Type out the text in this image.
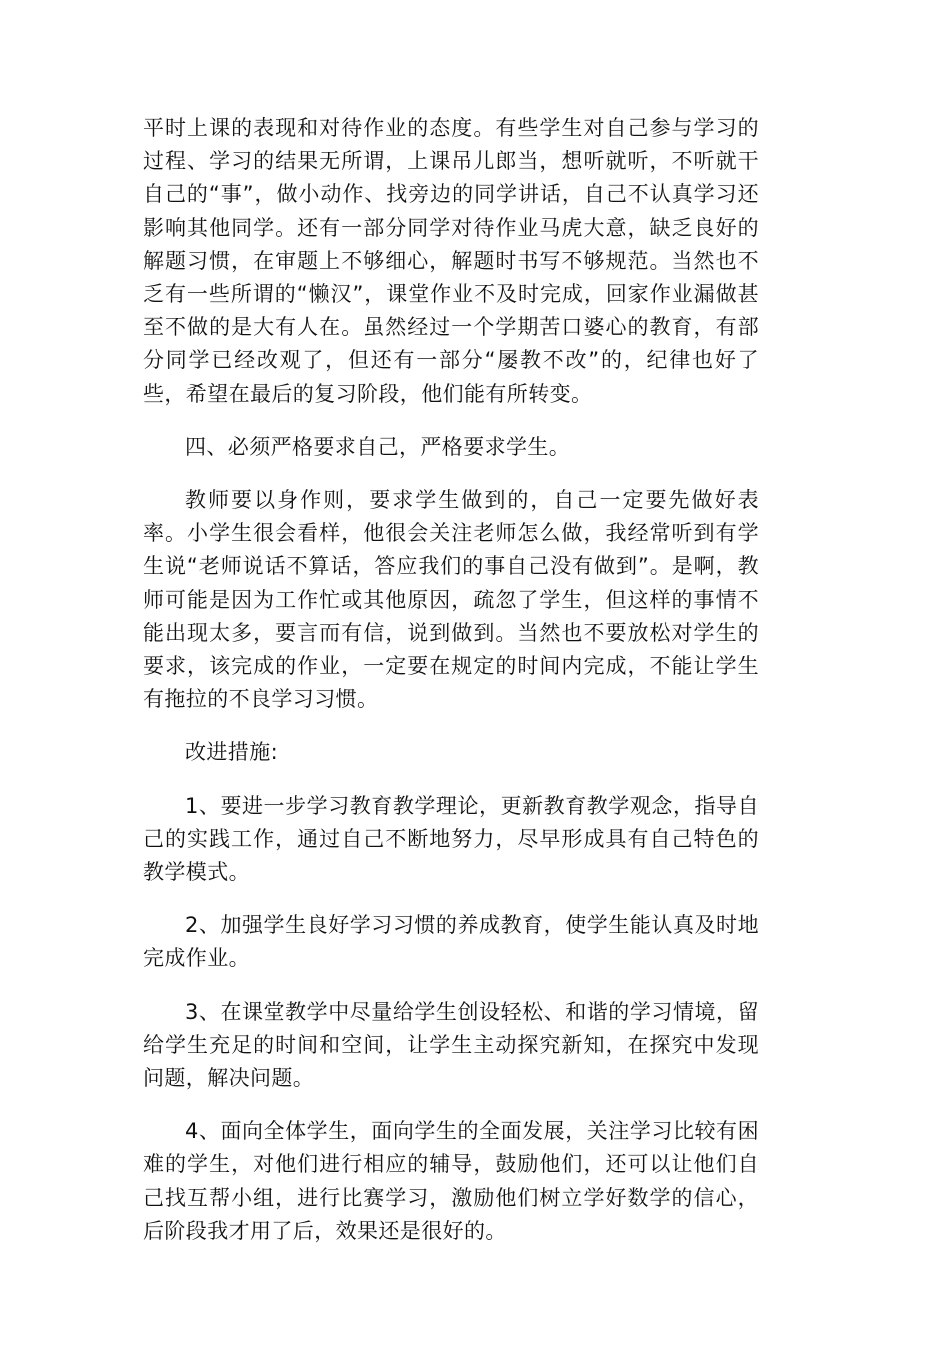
平时上课的表现和对待作业的态度。有些学生对自己参与学习的过程、学习的结果无所谓，上课吊儿郎当，想听就听，不听就干自己的“事”，做小动作、找旁边的同学讲话，自己不认真学习还影响其他同学。还有一部分同学对待作业马虎大意，缺乏良好的解题习惯，在审题上不够细心，解题时书写不够规范。当然也不乏有一些所谓的“懒汉”，课堂作业不及时完成，回家作业漏做甚至不做的是大有人在。虽然经过一个学期苦口婆心的教育，有部分同学已经改观了，但还有一部分“屡教不改”的，纪律也好了些，希望在最后的复习阶段，他们能有所转变。

四、必须严格要求自己，严格要求学生。

教师要以身作则，要求学生做到的，自己一定要先做好表率。小学生很会看样，他很会关注老师怎么做，我经常听到有学生说“老师说话不算话，答应我们的事自己没有做到”。是啊，教师可能是因为工作忙或其他原因，疏忽了学生，但这样的事情不能出现太多，要言而有信，说到做到。当然也不要放松对学生的要求，该完成的作业，一定要在规定的时间内完成，不能让学生有拖拉的不良学习习惯。

改进措施:

1、要进一步学习教育教学理论，更新教育教学观念，指导自己的实践工作，通过自己不断地努力，尽早形成具有自己特色的教学模式。

2、加强学生良好学习习惯的养成教育，使学生能认真及时地完成作业。

3、在课堂教学中尽量给学生创设轻松、和谐的学习情境，留给学生充足的时间和空间，让学生主动探究新知，在探究中发现问题，解决问题。

4、面向全体学生，面向学生的全面发展，关注学习比较有困难的学生，对他们进行相应的辅导，鼓励他们，还可以让他们自己找互帮小组，进行比赛学习，激励他们树立学好数学的信心，后阶段我才用了后，效果还是很好的。
